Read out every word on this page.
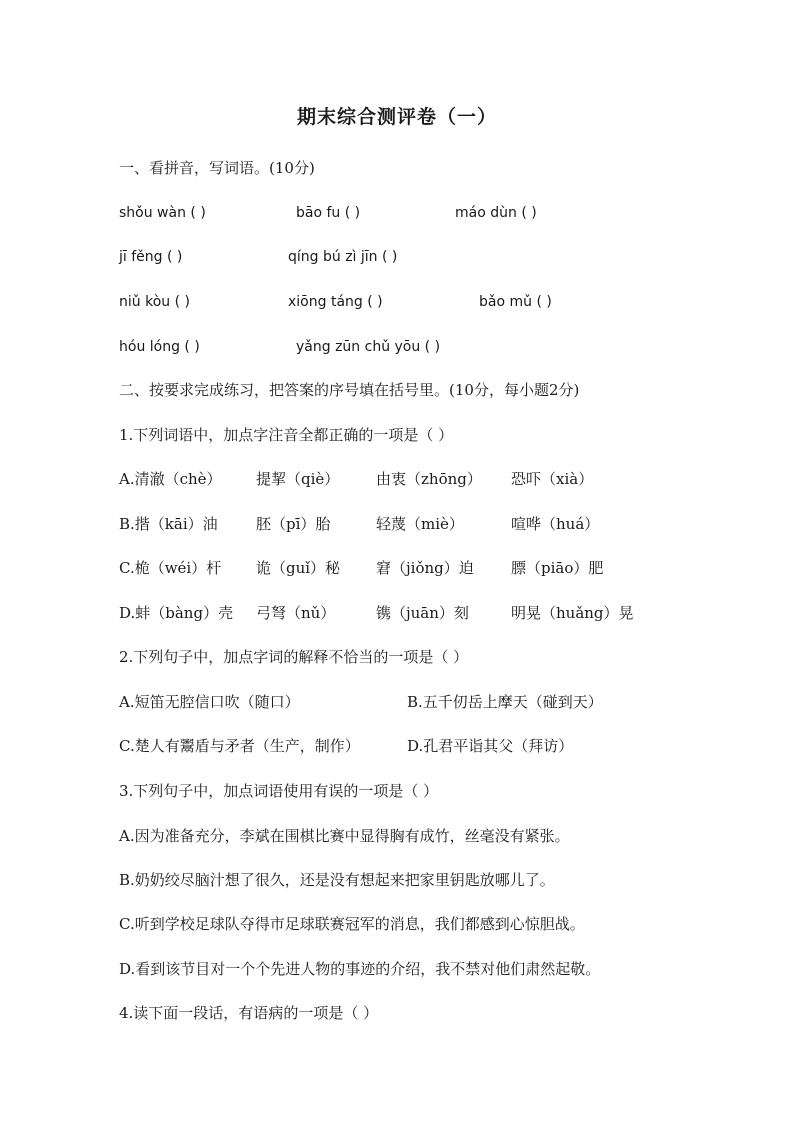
期末综合测评卷（一）
一、看拼音，写词语。(10分)
shǒu wàn ( )	bāo fu ( )	máo dùn ( )
jī fěng ( )	qíng bú zì jīn ( )
niǔ kòu ( )	xiōng táng ( )	bǎo mǔ ( )
hóu lóng ( )	yǎng zūn chǔ yōu ( )
二、按要求完成练习，把答案的序号填在括号里。(10分，每小题2分)
1.下列词语中，加点字注音全都正确的一项是（ ）
A.清澈（chè） 提挈（qiè） 由衷（zhōng） 恐吓（xià）
B.揩（kāi）油	胚（pī）胎	轻蔑（miè）	喧哗（huá）
C.桅（wéi）杆 诡（guǐ）秘 窘（jiǒng）迫 膘（piāo）肥
D.蚌（bàng）壳 弓弩（nǔ）	镌（juān）刻	明晃（huǎng）晃
2.下列句子中，加点字词的解释不恰当的一项是（ ）
A.短笛无腔信口吹（随口）	B.五千仞岳上摩天（碰到天）
C.楚人有鬻盾与矛者（生产，制作）	D.孔君平诣其父（拜访）
3.下列句子中，加点词语使用有误的一项是（ ）
A.因为准备充分，李斌在围棋比赛中显得胸有成竹，丝毫没有紧张。
B.奶奶绞尽脑汁想了很久，还是没有想起来把家里钥匙放哪儿了。
C.听到学校足球队夺得市足球联赛冠军的消息，我们都感到心惊胆战。
D.看到该节目对一个个先进人物的事迹的介绍，我不禁对他们肃然起敬。
4.读下面一段话，有语病的一项是（ ）
